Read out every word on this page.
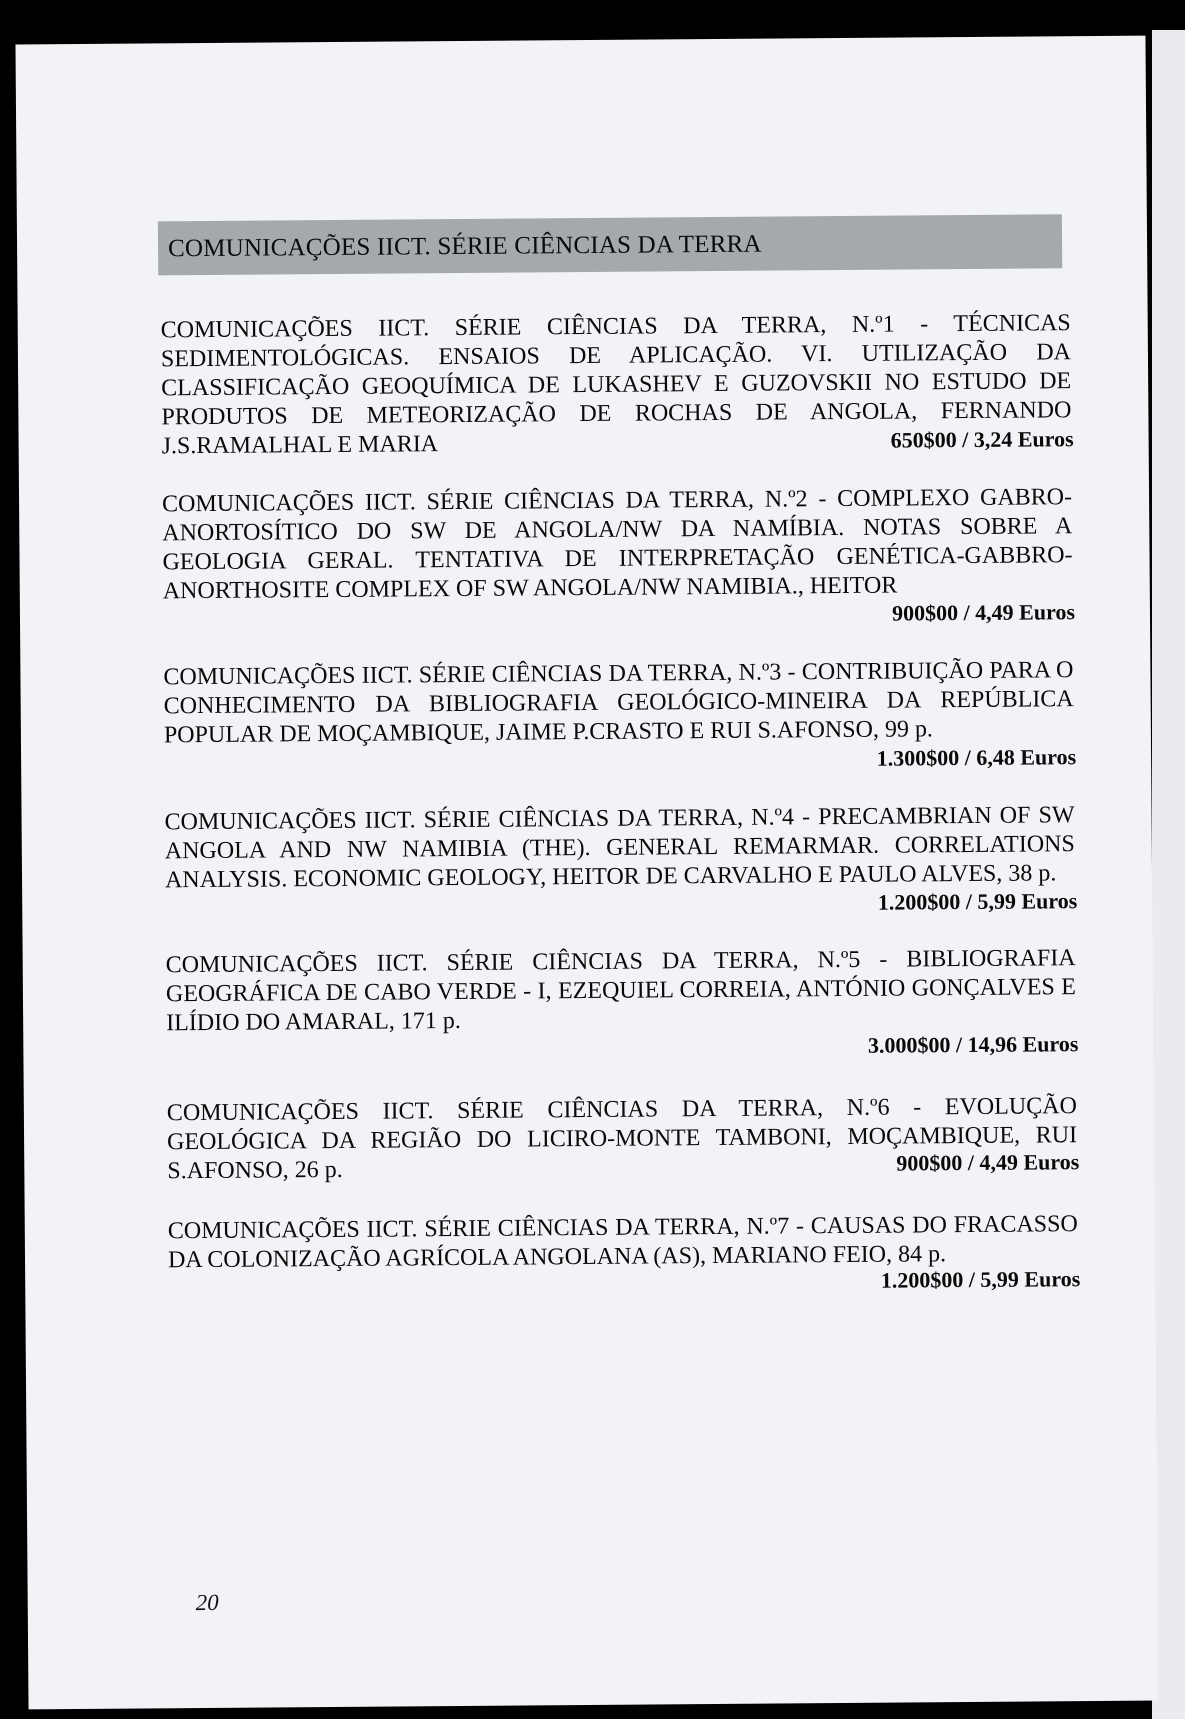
COMUNICAÇÕES IICT. SÉRIE CIÊNCIAS DA TERRA
COMUNICAÇÕES IICT. SÉRIE CIÊNCIAS DA TERRA, N.º1 - TÉCNICAS SEDIMENTOLÓGICAS. ENSAIOS DE APLICAÇÃO. VI. UTILIZAÇÃO DA CLASSIFICAÇÃO GEOQUÍMICA DE LUKASHEV E GUZOVSKII NO ESTUDO DE PRODUTOS DE METEORIZAÇÃO DE ROCHAS DE ANGOLA, FERNANDO J.S.RAMALHAL E MARIA	650$00 / 3,24 Euros
COMUNICAÇÕES IICT. SÉRIE CIÊNCIAS DA TERRA, N.º2 - COMPLEXO GABRO-ANORTOSÍTICO DO SW DE ANGOLA/NW DA NAMÍBIA. NOTAS SOBRE A GEOLOGIA GERAL. TENTATIVA DE INTERPRETAÇÃO GENÉTICA-GABBRO-ANORTHOSITE COMPLEX OF SW ANGOLA/NW NAMIBIA., HEITOR
900$00 / 4,49 Euros
COMUNICAÇÕES IICT. SÉRIE CIÊNCIAS DA TERRA, N.º3 - CONTRIBUIÇÃO PARA O CONHECIMENTO DA BIBLIOGRAFIA GEOLÓGICO-MINEIRA DA REPÚBLICA POPULAR DE MOÇAMBIQUE, JAIME P.CRASTO E RUI S.AFONSO, 99 p.
1.300$00 / 6,48 Euros
COMUNICAÇÕES IICT. SÉRIE CIÊNCIAS DA TERRA, N.º4 - PRECAMBRIAN OF SW ANGOLA AND NW NAMIBIA (THE). GENERAL REMARMAR. CORRELATIONS ANALYSIS. ECONOMIC GEOLOGY, HEITOR DE CARVALHO E PAULO ALVES, 38 p.
1.200$00 / 5,99 Euros
COMUNICAÇÕES IICT. SÉRIE CIÊNCIAS DA TERRA, N.º5 - BIBLIOGRAFIA GEOGRÁFICA DE CABO VERDE - I, EZEQUIEL CORREIA, ANTÓNIO GONÇALVES E ILÍDIO DO AMARAL, 171 p.
3.000$00 / 14,96 Euros
COMUNICAÇÕES IICT. SÉRIE CIÊNCIAS DA TERRA, N.º6 - EVOLUÇÃO GEOLÓGICA DA REGIÃO DO LICIRO-MONTE TAMBONI, MOÇAMBIQUE, RUI S.AFONSO, 26 p.	900$00 / 4,49 Euros
COMUNICAÇÕES IICT. SÉRIE CIÊNCIAS DA TERRA, N.º7 - CAUSAS DO FRACASSO DA COLONIZAÇÃO AGRÍCOLA ANGOLANA (AS), MARIANO FEIO, 84 p.
1.200$00 / 5,99 Euros
20
